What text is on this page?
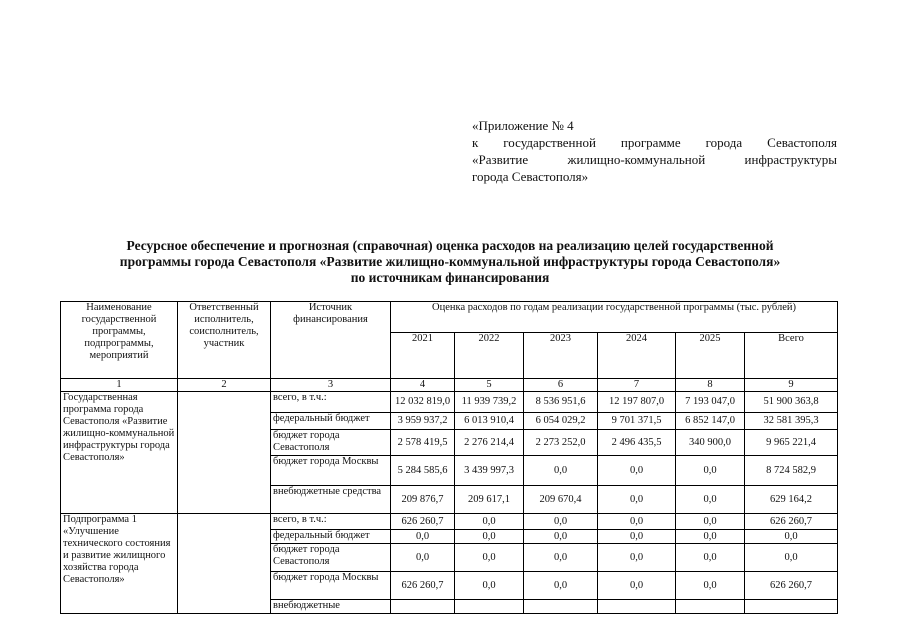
«Приложение № 4
к государственной программе города Севастополя
«Развитие жилищно-коммунальной инфраструктуры
города Севастополя»
Ресурсное обеспечение и прогнозная (справочная) оценка расходов на реализацию целей государственной
программы города Севастополя «Развитие жилищно-коммунальной инфраструктуры города Севастополя»
по источникам финансирования
Наименование государственной программы, подпрограммы, мероприятий	Ответственный исполнитель, соисполнитель, участник	Источник финансирования	Оценка расходов по годам реализации государственной программы (тыс. рублей)					
			2021	2022	2023	2024	2025	Всего
1	2	3	4	5	6	7	8	9
Государственная программа города Севастополя «Развитие жилищно-коммунальной инфраструктуры города Севастополя»		всего, в т.ч.:	12 032 819,0	11 939 739,2	8 536 951,6	12 197 807,0	7 193 047,0	51 900 363,8
		федеральный бюджет	3 959 937,2	6 013 910,4	6 054 029,2	9 701 371,5	6 852 147,0	32 581 395,3
		бюджет города Севастополя	2 578 419,5	2 276 214,4	2 273 252,0	2 496 435,5	340 900,0	9 965 221,4
		бюджет города Москвы	5 284 585,6	3 439 997,3	0,0	0,0	0,0	8 724 582,9
		внебюджетные средства	209 876,7	209 617,1	209 670,4	0,0	0,0	629 164,2
Подпрограмма 1 «Улучшение технического состояния и развитие жилищного хозяйства города Севастополя»		всего, в т.ч.:	626 260,7	0,0	0,0	0,0	0,0	626 260,7
		федеральный бюджет	0,0	0,0	0,0	0,0	0,0	0,0
		бюджет города Севастополя	0,0	0,0	0,0	0,0	0,0	0,0
		бюджет города Москвы	626 260,7	0,0	0,0	0,0	0,0	626 260,7
		внебюджетные						
